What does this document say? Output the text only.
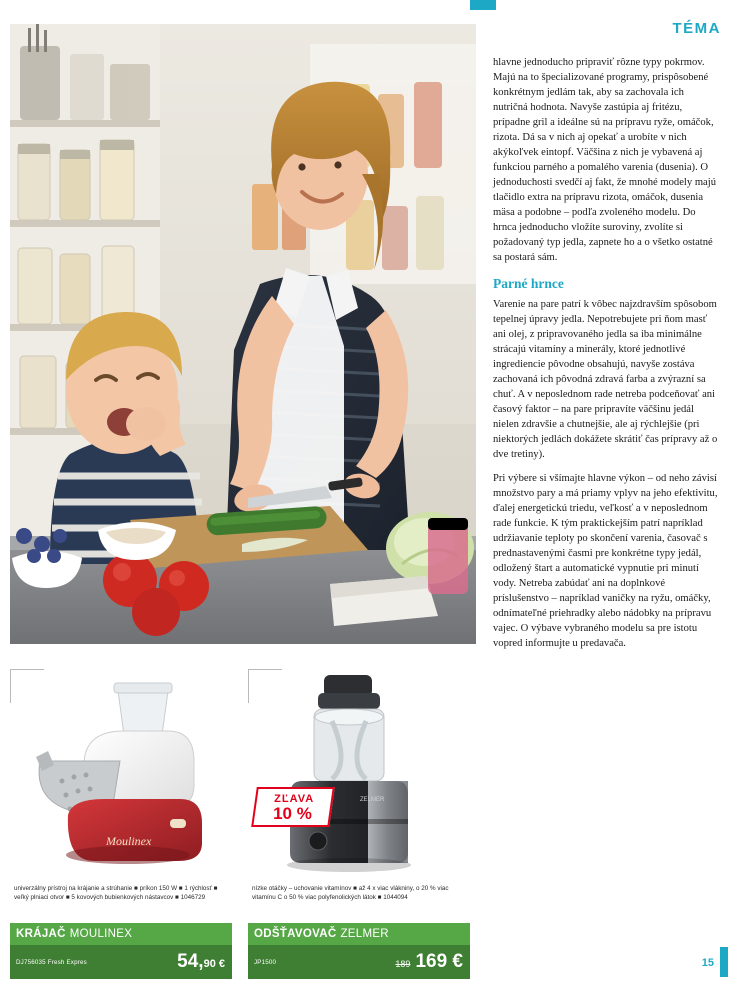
Moulinex
univerzálny prístroj na krájanie a strúhanie ■ príkon 150 W ■ 1 rýchlosť ■ veľký plniaci otvor ■ 5 kovových bubienkových nástavcov ■ 1046729
KRÁJAČ MOULINEX
DJ756035 Fresh Expres	54, 90 €
ZELMER
ZĽAVA
10 %
nízke otáčky – uchovanie vitamínov ■ až 4 x viac vlákniny, o 20 % viac vitamínu C o 50 % viac polyfenolických látok ■ 1044094
ODŠŤAVOVAČ ZELMER
JP1500	189 169 €
TÉMA

hlavne jednoducho pripraviť rôzne typy pokrmov. Majú na to špecializované programy, prispôsobené konkrétnym jedlám tak, aby sa zachovala ich nutričná hodnota. Navyše zastúpia aj fritézu, prípadne gril a ideálne sú na prípravu ryže, omáčok, rizota. Dá sa v nich aj opekať a urobíte v nich akýkoľvek eintopf. Väčšina z nich je vybavená aj funkciou parného a pomalého varenia (dusenia). O jednoduchosti svedčí aj fakt, že mnohé modely majú tlačidlo extra na prípravu rizota, omáčok, dusenia mäsa a podobne – podľa zvoleného modelu. Do hrnca jednoducho vložíte suroviny, zvolíte si požadovaný typ jedla, zapnete ho a o všetko ostatné sa postará sám.

Parné hrnce

Varenie na pare patrí k vôbec najzdravším spôsobom tepelnej úpravy jedla. Nepotrebujete pri ňom masť ani olej, z pripravovaného jedla sa iba minimálne strácajú vitamíny a minerály, ktoré jednotlivé ingrediencie pôvodne obsahujú, navyše zostáva zachovaná ich pôvodná zdravá farba a zvýrazní sa chuť. A v neposlednom rade netreba podceňovať ani časový faktor – na pare pripravíte väčšinu jedál nielen zdravšie a chutnejšie, ale aj rýchlejšie (pri niektorých jedlách dokážete skrátiť čas prípravy až o dve tretiny).

Pri výbere si všímajte hlavne výkon – od neho závisí množstvo pary a má priamy vplyv na jeho efektivitu, ďalej energetickú triedu, veľkosť a v neposlednom rade funkcie. K tým praktickejším patrí napríklad udržiavanie teploty po skončení varenia, časovač s prednastavenými časmi pre konkrétne typy jedál, odložený štart a automatické vypnutie pri minutí vody. Netreba zabúdať ani na doplnkové príslušenstvo – napríklad vaničky na ryžu, omáčky, odnímateľné priehradky alebo nádobky na prípravu vajec. O výbave vybraného modelu sa pre istotu vopred informujte u predavača.

15
